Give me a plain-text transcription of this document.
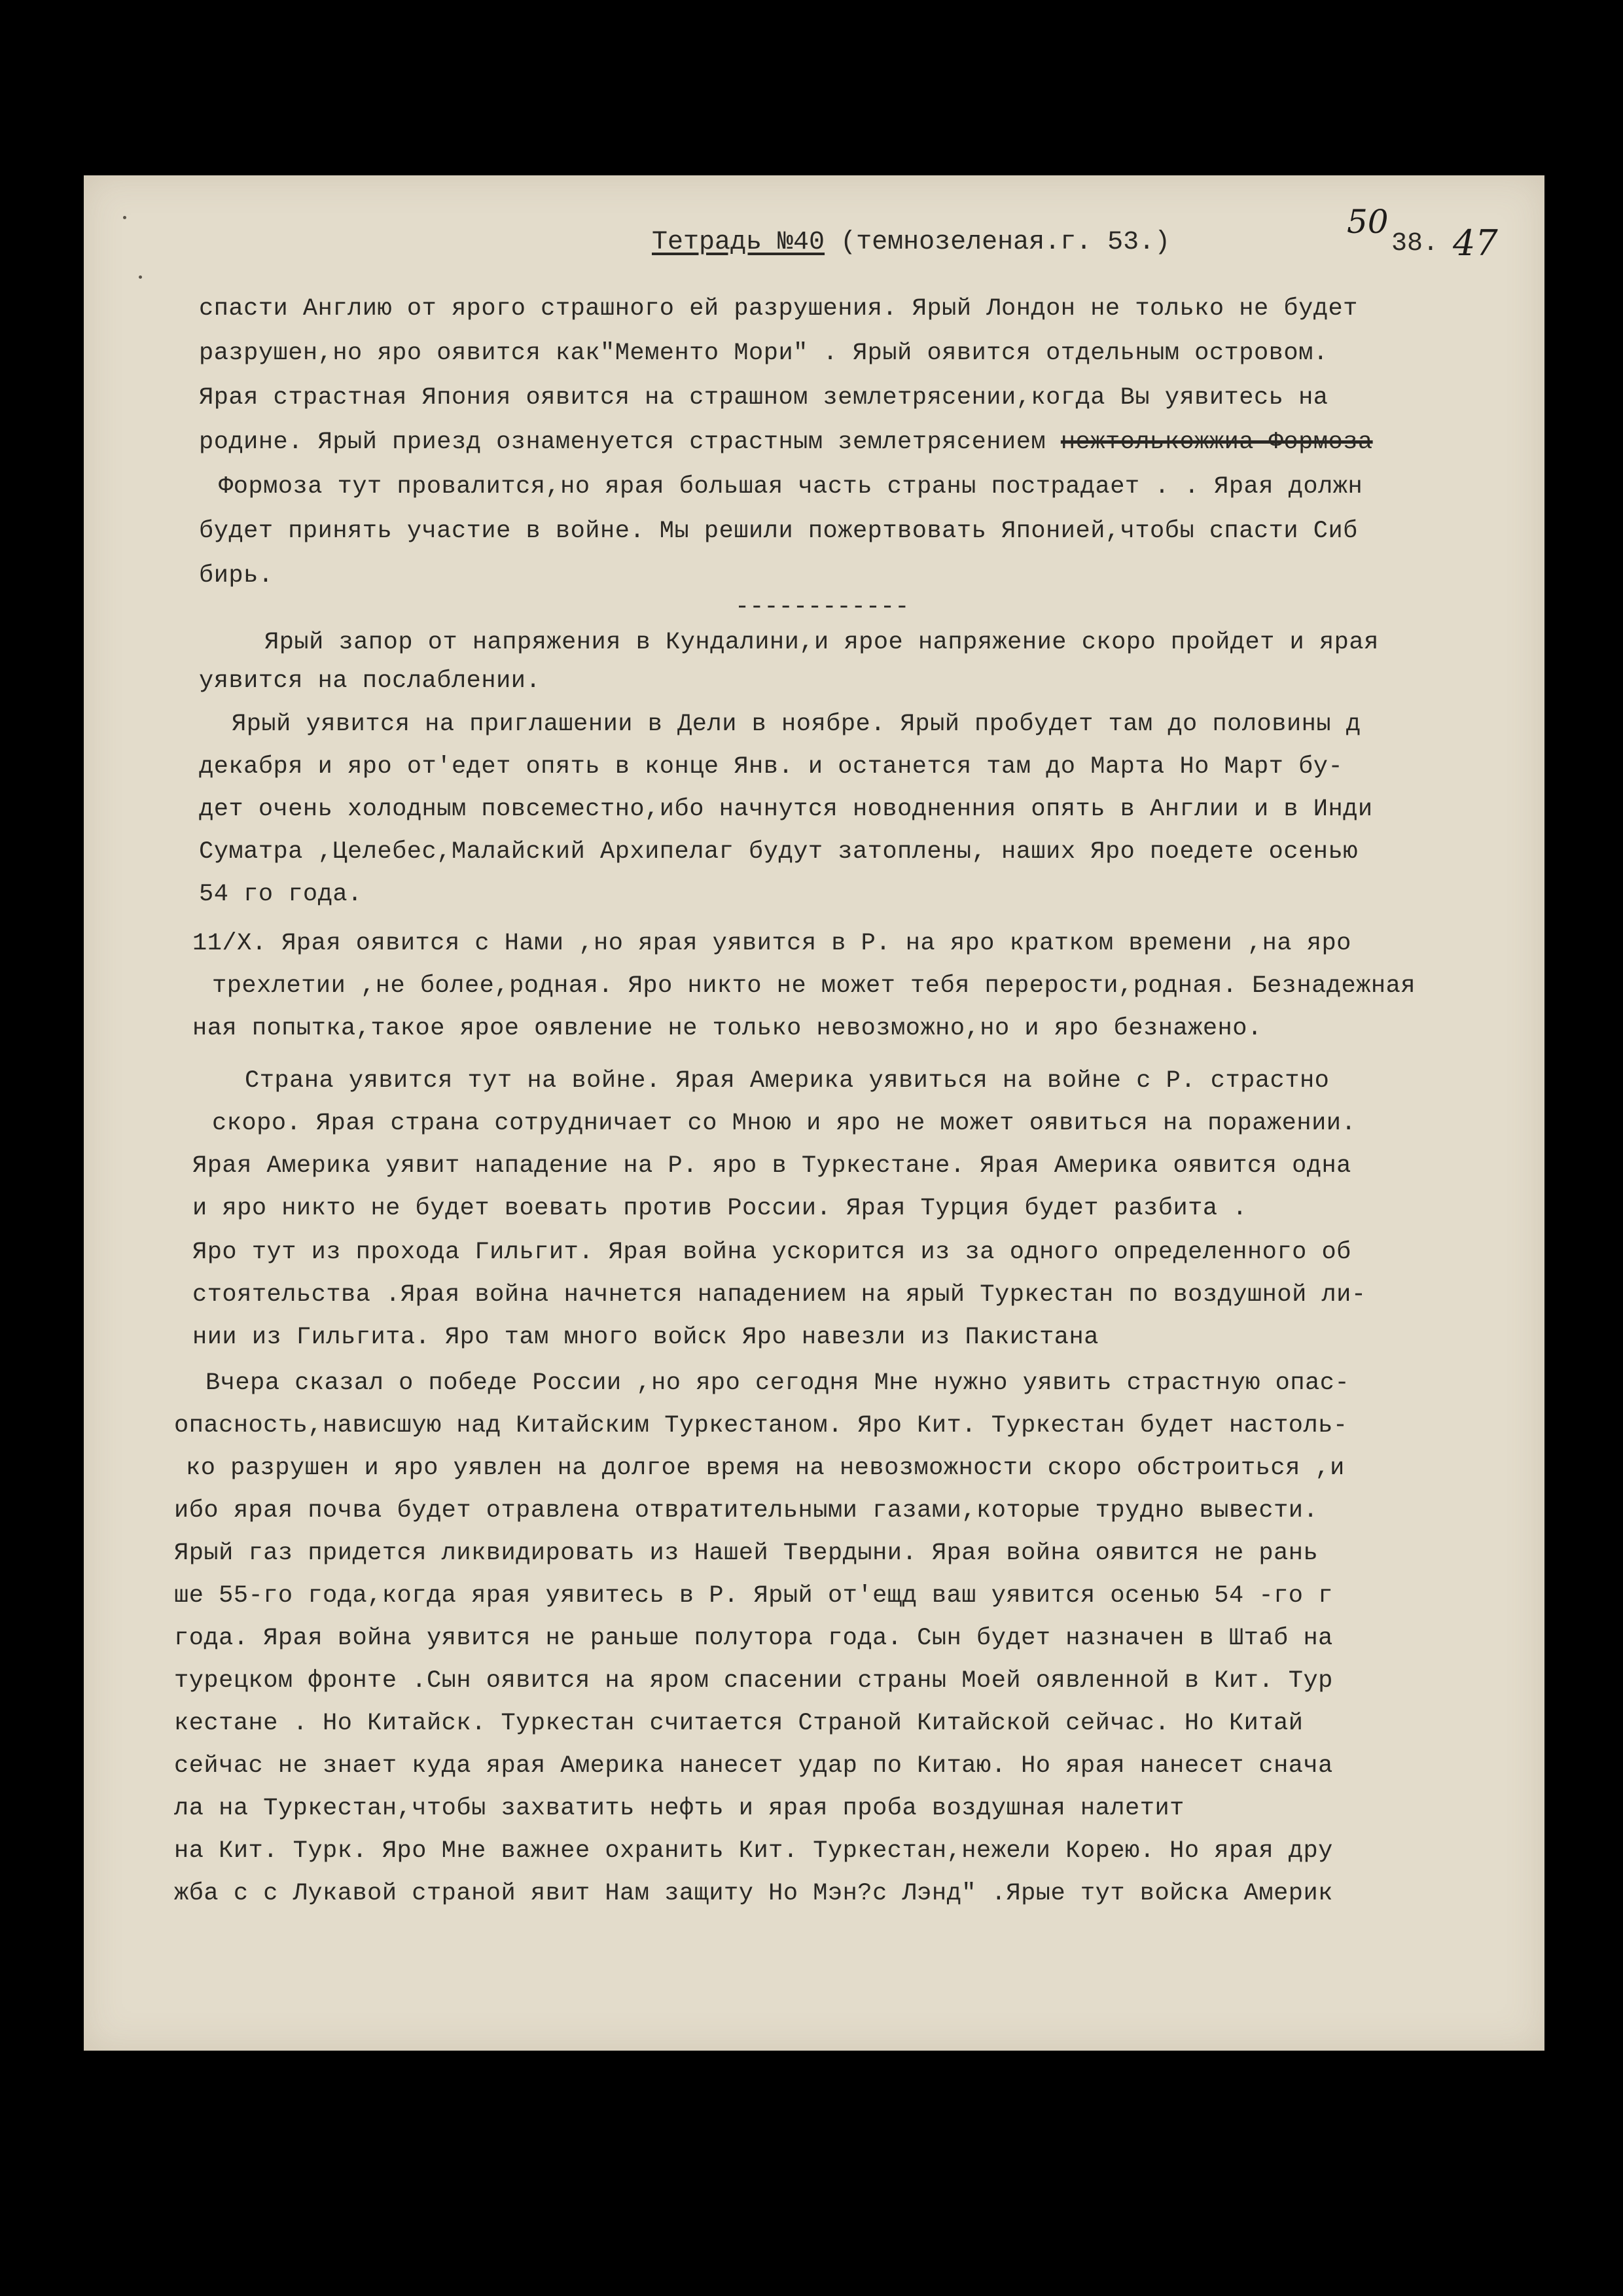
Тетрадь №40 (темнозеленая.г. 53.)
50
38. 47

спасти Англию от ярого страшного ей разрушения. Ярый Лондон не только не будет

разрушен,но яро оявится как"Мементо Мори" . Ярый оявится отдельным островом.

Ярая страстная Япония оявится на страшном землетрясении,когда Вы уявитесь на

родине. Ярый приезд ознаменуется страстным землетрясением нежтолькожжиа Формоза

Формоза тут провалится,но ярая большая часть страны пострадает . . Ярая должн

будет принять участие в войне. Мы решили пожертвовать Японией,чтобы спасти Сиб

бирь.

------------

Ярый запор от напряжения в Кундалини,и ярое напряжение скоро пройдет и ярая

уявится на послаблении.

Ярый уявится на приглашении в Дели в ноябре. Ярый пробудет там до половины д

декабря и яро от'едет опять в конце Янв. и останется там до Марта Но Март бу-

дет очень холодным повсеместно,ибо начнутся новодненния опять в Англии и в Инди

Суматра ,Целебес,Малайский Архипелаг будут затоплены, наших Яро поедете осенью

54 го года.

11/X. Ярая оявится с Нами ,но ярая уявится в Р. на яро кратком времени ,на яро

трехлетии ,не более,родная. Яро никто не может тебя перерости,родная. Безнадежная

ная попытка,такое ярое оявление не только невозможно,но и яро безнажено.

Страна уявится тут на войне. Ярая Америка уявиться на войне с Р. страстно

скоро. Ярая страна сотрудничает со Мною и яро не может оявиться на поражении.

Ярая Америка уявит нападение на Р. яро в Туркестане. Ярая Америка оявится одна

и яро никто не будет воевать против России. Ярая Турция будет разбита .

Яро тут из прохода Гильгит. Ярая война ускорится из за одного определенного об

стоятельства .Ярая война начнется нападением на ярый Туркестан по воздушной ли-

нии из Гильгита. Яро там много войск Яро навезли из Пакистана

Вчера сказал о победе России ,но яро сегодня Мне нужно уявить страстную опас-

опасность,нависшую над Китайским Туркестаном. Яро Кит. Туркестан будет настоль-

ко разрушен и яро уявлен на долгое время на невозможности скоро обстроиться ,и

ибо ярая почва будет отравлена отвратительными газами,которые трудно вывести.

Ярый газ придется ликвидировать из Нашей Твердыни. Ярая война оявится не рань

ше 55-го года,когда ярая уявитесь в Р. Ярый от'ещд ваш уявится осенью 54 -го г

года. Ярая война уявится не раньше полутора года. Сын будет назначен в Штаб на

турецком фронте .Сын оявится на яром спасении страны Моей оявленной в Кит. Тур

кестане . Но Китайск. Туркестан считается Страной Китайской сейчас. Но Китай

сейчас не знает куда ярая Америка нанесет удар по Китаю. Но ярая нанесет снача

ла на Туркестан,чтобы захватить нефть и ярая проба воздушная налетит

на Кит. Турк. Яро Мне важнее охранить Кит. Туркестан,нежели Корею. Но ярая дру

жба с с Лукавой страной явит Нам защиту Но Мэн?с Лэнд" .Ярые тут войска Америк
